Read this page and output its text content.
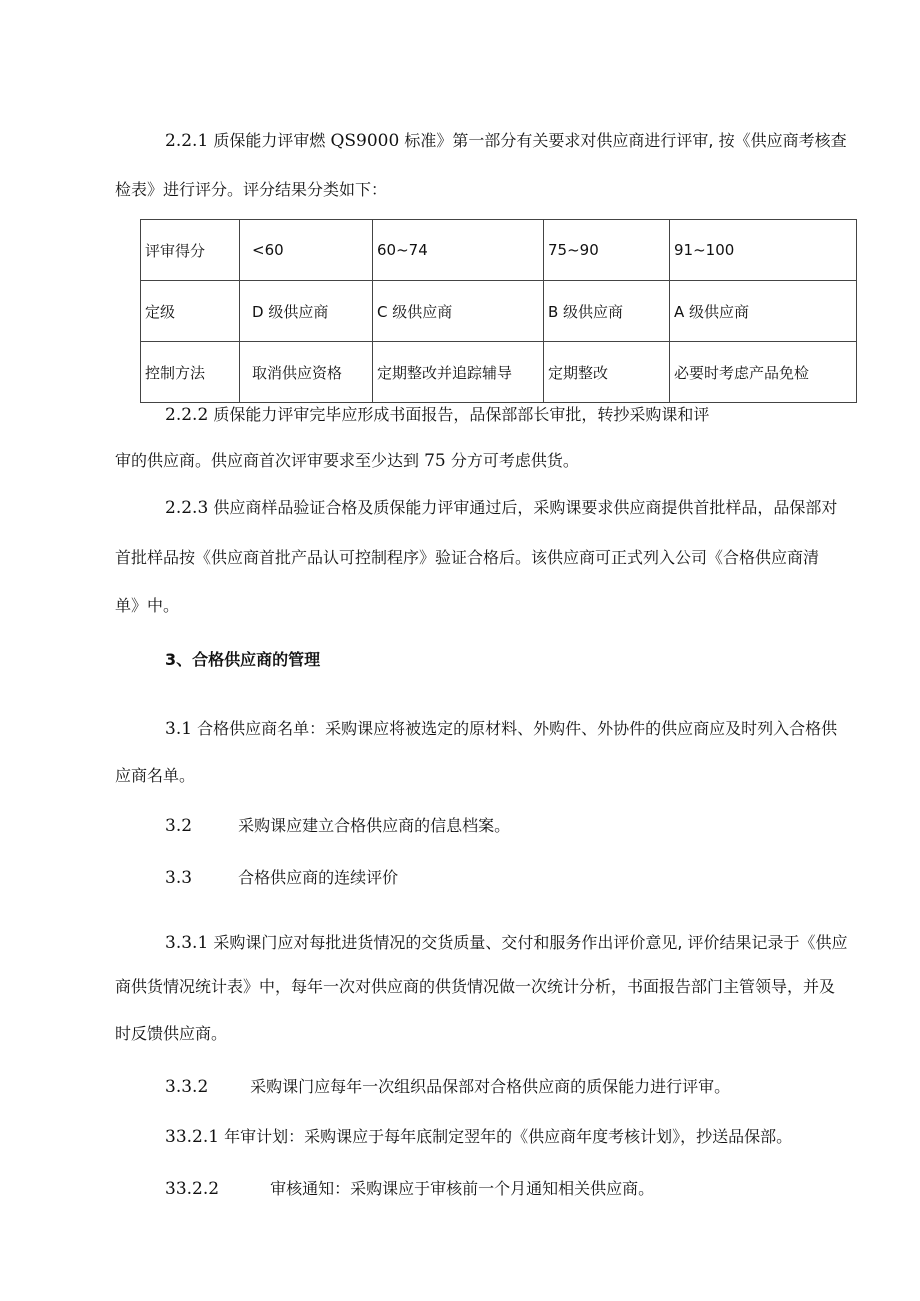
2.2.1 质保能力评审燃 QS9000 标准》第一部分有关要求对供应商进行评审, 按《供应商考核查
检表》进行评分。评分结果分类如下：
评审得分	<60	60~74	75~90	91~100
定级	D 级供应商	C 级供应商	B 级供应商	A 级供应商
控制方法	取消供应资格	定期整改并追踪辅导	定期整改	必要时考虑产品免检
2.2.2 质保能力评审完毕应形成书面报告，品保部部长审批，转抄采购课和评
审的供应商。供应商首次评审要求至少达到 75 分方可考虑供货。
2.2.3 供应商样品验证合格及质保能力评审通过后，采购课要求供应商提供首批样品，品保部对
首批样品按《供应商首批产品认可控制程序》验证合格后。该供应商可正式列入公司《合格供应商清
单》中。
3、合格供应商的管理
3.1 合格供应商名单：采购课应将被选定的原材料、外购件、外协件的供应商应及时列入合格供
应商名单。
3.2	采购课应建立合格供应商的信息档案。
3.3	合格供应商的连续评价
3.3.1 采购课门应对每批进货情况的交货质量、交付和服务作出评价意见, 评价结果记录于《供应
商供货情况统计表》中，每年一次对供应商的供货情况做一次统计分析，书面报告部门主管领导，并及
时反馈供应商。
3.3.2	采购课门应每年一次组织品保部对合格供应商的质保能力进行评审。
33.2.1 年审计划：采购课应于每年底制定翌年的《供应商年度考核计划》，抄送品保部。
33.2.2	审核通知：采购课应于审核前一个月通知相关供应商。
